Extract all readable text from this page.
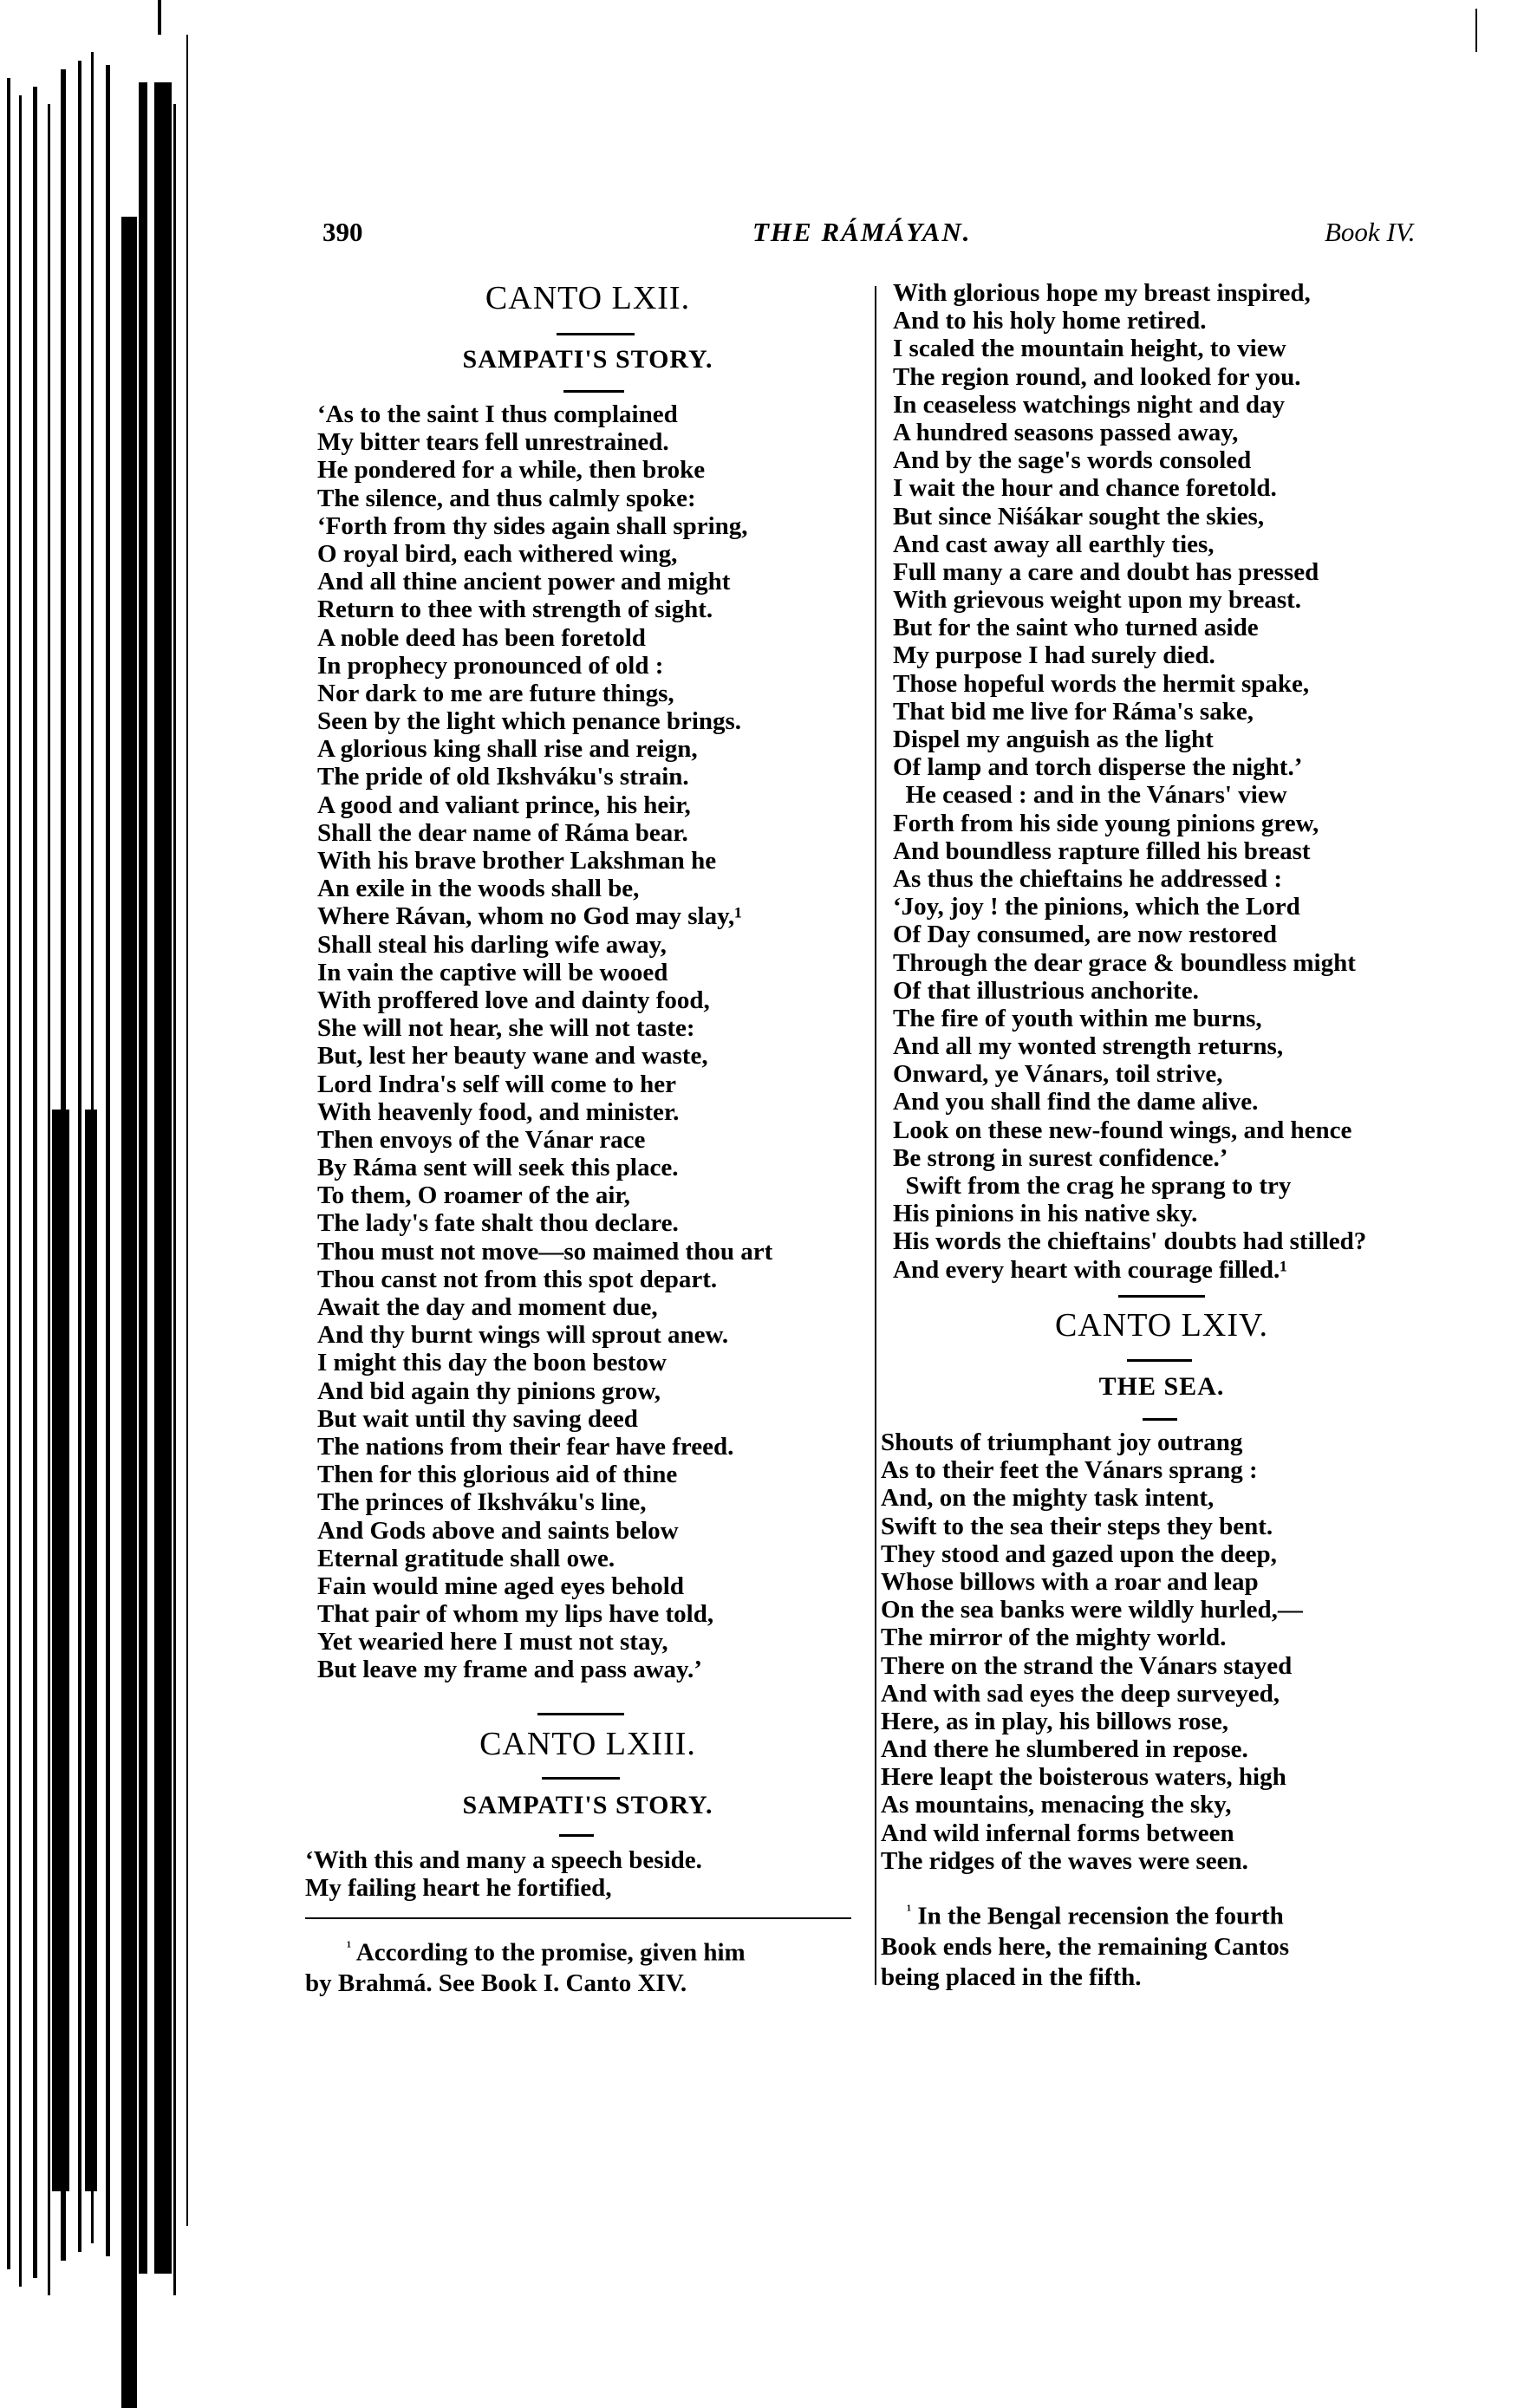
390	THE RÁMÁYAN.	Book IV.
CANTO LXII.
SAMPATI'S STORY.
‘As to the saint I thus complained
My bitter tears fell unrestrained.
He pondered for a while, then broke
The silence, and thus calmly spoke:
‘Forth from thy sides again shall spring,
O royal bird, each withered wing,
And all thine ancient power and might
Return to thee with strength of sight.
A noble deed has been foretold
In prophecy pronounced of old :
Nor dark to me are future things,
Seen by the light which penance brings.
A glorious king shall rise and reign,
The pride of old Ikshváku's strain.
A good and valiant prince, his heir,
Shall the dear name of Ráma bear.
With his brave brother Lakshman he
An exile in the woods shall be,
Where Rávan, whom no God may slay,¹
Shall steal his darling wife away,
In vain the captive will be wooed
With proffered love and dainty food,
She will not hear, she will not taste:
But, lest her beauty wane and waste,
Lord Indra's self will come to her
With heavenly food, and minister.
Then envoys of the Vánar race
By Ráma sent will seek this place.
To them, O roamer of the air,
The lady's fate shalt thou declare.
Thou must not move—so maimed thou art
Thou canst not from this spot depart.
Await the day and moment due,
And thy burnt wings will sprout anew.
I might this day the boon bestow
And bid again thy pinions grow,
But wait until thy saving deed
The nations from their fear have freed.
Then for this glorious aid of thine
The princes of Ikshváku's line,
And Gods above and saints below
Eternal gratitude shall owe.
Fain would mine aged eyes behold
That pair of whom my lips have told,
Yet wearied here I must not stay,
But leave my frame and pass away.’
CANTO LXIII.
SAMPATI'S STORY.
‘With this and many a speech beside.
My failing heart he fortified,
$^{^1}$ According to the promise, given him
by Brahmá. See Book I. Canto XIV.
With glorious hope my breast inspired,
And to his holy home retired.
I scaled the mountain height, to view
The region round, and looked for you.
In ceaseless watchings night and day
A hundred seasons passed away,
And by the sage's words consoled
I wait the hour and chance foretold.
But since Niśákar sought the skies,
And cast away all earthly ties,
Full many a care and doubt has pressed
With grievous weight upon my breast.
But for the saint who turned aside
My purpose I had surely died.
Those hopeful words the hermit spake,
That bid me live for Ráma's sake,
Dispel my anguish as the light
Of lamp and torch disperse the night.’
He ceased : and in the Vánars' view
Forth from his side young pinions grew,
And boundless rapture filled his breast
As thus the chieftains he addressed :
‘Joy, joy ! the pinions, which the Lord
Of Day consumed, are now restored
Through the dear grace & boundless might
Of that illustrious anchorite.
The fire of youth within me burns,
And all my wonted strength returns,
Onward, ye Vánars, toil strive,
And you shall find the dame alive.
Look on these new-found wings, and hence
Be strong in surest confidence.’
Swift from the crag he sprang to try
His pinions in his native sky.
His words the chieftains' doubts had stilled?
And every heart with courage filled.¹
CANTO LXIV.
THE SEA.
Shouts of triumphant joy outrang
As to their feet the Vánars sprang :
And, on the mighty task intent,
Swift to the sea their steps they bent.
They stood and gazed upon the deep,
Whose billows with a roar and leap
On the sea banks were wildly hurled,—
The mirror of the mighty world.
There on the strand the Vánars stayed
And with sad eyes the deep surveyed,
Here, as in play, his billows rose,
And there he slumbered in repose.
Here leapt the boisterous waters, high
As mountains, menacing the sky,
And wild infernal forms between
The ridges of the waves were seen.
$^{^1}$ In the Bengal recension the fourth
Book ends here, the remaining Cantos
being placed in the fifth.
